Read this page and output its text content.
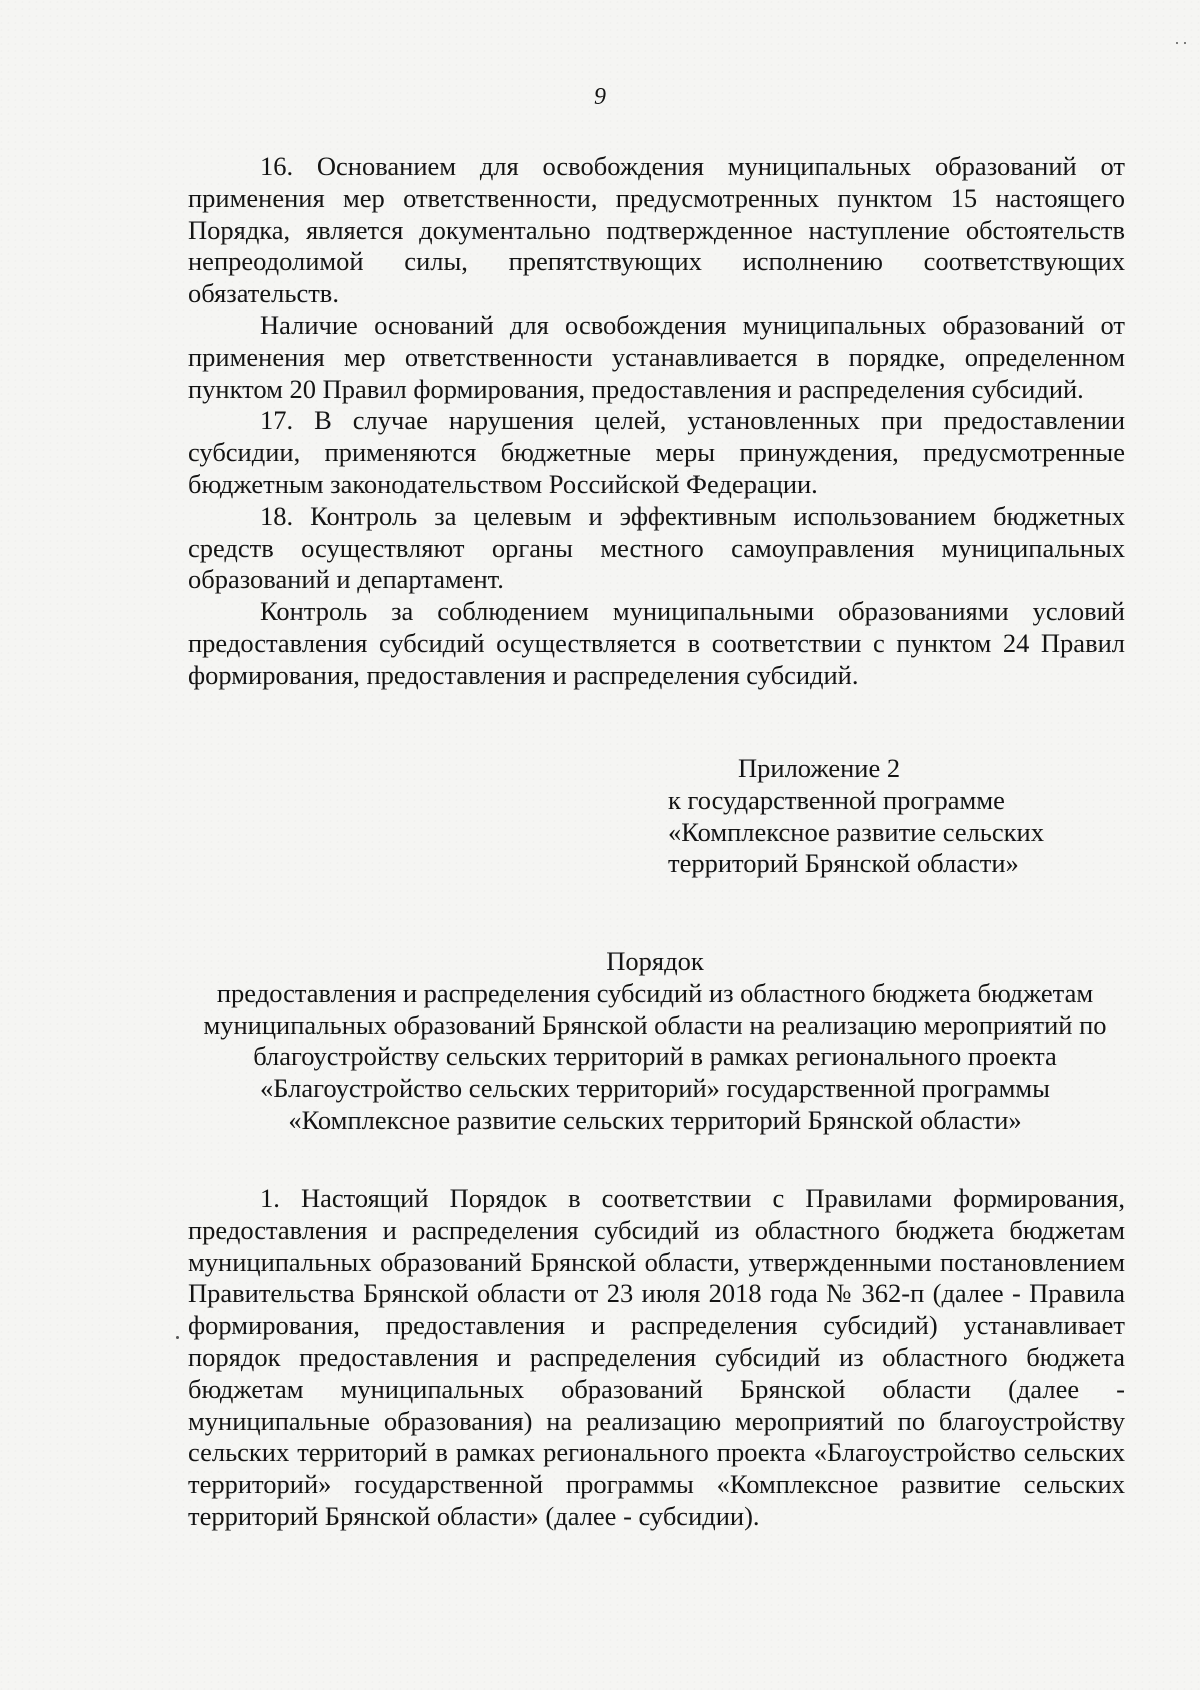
9

16. Основанием для освобождения муниципальных образований от применения мер ответственности, предусмотренных пунктом 15 настоящего Порядка, является документально подтвержденное наступление обстоятельств непреодолимой силы, препятствующих исполнению соответствующих обязательств.

Наличие оснований для освобождения муниципальных образований от применения мер ответственности устанавливается в порядке, определенном пунктом 20 Правил формирования, предоставления и распределения субсидий.

17. В случае нарушения целей, установленных при предоставлении субсидии, применяются бюджетные меры принуждения, предусмотренные бюджетным законодательством Российской Федерации.

18. Контроль за целевым и эффективным использованием бюджетных средств осуществляют органы местного самоуправления муниципальных образований и департамент.

Контроль за соблюдением муниципальными образованиями условий предоставления субсидий осуществляется в соответствии с пунктом 24 Правил формирования, предоставления и распределения субсидий.

Приложение 2
к государственной программе
«Комплексное развитие сельских
территорий Брянской области»
Порядок
предоставления и распределения субсидий из областного бюджета бюджетам муниципальных образований Брянской области на реализацию мероприятий по благоустройству сельских территорий в рамках регионального проекта «Благоустройство сельских территорий» государственной программы «Комплексное развитие сельских территорий Брянской области»

1. Настоящий Порядок в соответствии с Правилами формирования, предоставления и распределения субсидий из областного бюджета бюджетам муниципальных образований Брянской области, утвержденными постановлением Правительства Брянской области от 23 июля 2018 года № 362-п (далее - Правила формирования, предоставления и распределения субсидий) устанавливает порядок предоставления и распределения субсидий из областного бюджета бюджетам муниципальных образований Брянской области (далее - муниципальные образования) на реализацию мероприятий по благоустройству сельских территорий в рамках регионального проекта «Благоустройство сельских территорий» государственной программы «Комплексное развитие сельских территорий Брянской области» (далее - субсидии).
